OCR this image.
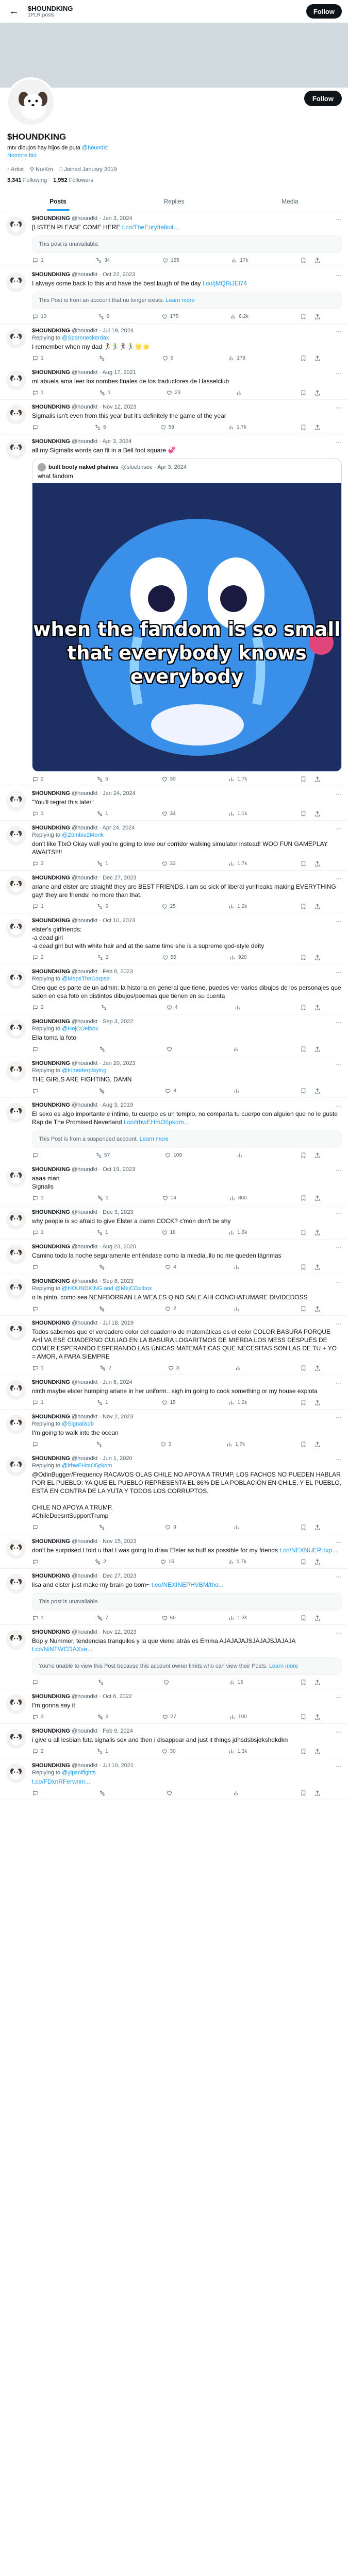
←	$HOUNDKING
1PLR posts	Follow
Follow
$HOUNDKING
mtv dibujos hay hijos de puta @houndkt
Nombre bio
◦ Artist ⚲ Nu/Km □ Joined January 2019
3,341 Following 1,952 Followers
Posts	Replies	Media
···
$HOUNDKING @houndkt · Jan 3, 2024
[LISTEN PLEASE COME HERE t.co/TheEuryttalkul...
This post is unavailable.
1	34	155	17k
···
$HOUNDKING @houndkt · Oct 22, 2023
I always come back to this and have the best laugh of the day t.co/jMQRiJEl74
This Post is from an account that no longer exists. Learn more
10	9	175	6.2k
···
$HOUNDKING @houndkt · Jul 19, 2024
Replying to @Sporoneckerdax
I remember when my dad 🏃‍♀️🏃‍♂️🏃‍♀️🏃‍♂️🌟⭐
1	6	178
···
$HOUNDKING @houndkt · Aug 17, 2021
mi abuela ama leer los nombes finales de los traductores de Hasselclub
1	1	23
···
$HOUNDKING @houndkt · Nov 12, 2023
Sigmalis isn't even from this year but it's definitely the game of the year
6	59	1.7k
···
$HOUNDKING @houndkt · Apr 3, 2024
all my Sigmalis words can fit in a Bell foot square 💞
built booty naked phalnes @sloebhsee · Apr 3, 2024
what fandom
when the fandom is so small that everybody knows everybody
2	5	30	1.7k
···
$HOUNDKING @houndkt · Jan 24, 2024
"You'll regret this later"
1	1	34	1.1k
···
$HOUNDKING @houndkt · Apr 24, 2024
Replying to @Zombie2Monk
don't like TIxO Okay well you're going to love our corridor walking simulator instead! WOO FUN GAMEPLAY AWAITS!!!!
3	1	33	1.7k
···
$HOUNDKING @houndkt · Dec 27, 2023
ariane and elster are straight! they are BEST FRIENDS. i am so sick of liberal yurifreaks making EVERYTHING gay! they are friends! no more than that.
1	6	25	1.2k
···
$HOUNDKING @houndkt · Oct 10, 2023
elster's girlfriends:
-a dead girl
-a dead girl but with white hair and at the same time she is a supreme god-style deity
2	2	50	920
···
$HOUNDKING @houndkt · Feb 8, 2023
Replying to @MepsTheCorpse
Creo que es parte de un admin: la historia en general que tiene, puedes ver varios dibujos de los personajes que salen en esa foto en distintos dibujos/poemas que tienen en su cuenta
2	4
···
$HOUNDKING @houndkt · Sep 3, 2022
Replying to @HejCOelbox
Ella toma la foto
···
$HOUNDKING @houndkt · Jan 20, 2023
Replying to @trimoderplaying
THE GIRLS ARE FIGHTING, DAMN
8
···
$HOUNDKING @houndkt · Aug 3, 2019
El sexo es algo importante e íntimo, tu cuerpo es un templo, no comparta tu cuerpo con alguien que no le guste Rap de The Promised Neverland t.co/lrhwEHmO5pkom...
This Post is from a suspended account. Learn more
57	109
···
$HOUNDKING @houndkt · Oct 19, 2023
aaaa man
Signalis
1	1	14	860
···
$HOUNDKING @houndkt · Dec 3, 2023
why people is so afraid to give Elster a damn COCK? c'mon don't be shy
1	1	18	1.6k
···
$HOUNDKING @houndkt · Aug 23, 2020
Camino todo la noche seguramente entiéndase como la miedia..llo no me queden lágrimas
4
···
$HOUNDKING @houndkt · Sep 8, 2023
Replying to @HOUNDKING and @MejCOelbox
o la pinto, como sea NENFBORRAN LA WEA ES Q NO SALE AHI CONCHATUMARE DIVIDEDOSS
2
···
$HOUNDKING @houndkt · Jul 18, 2019
Todos sabemos que el verdadero color del cuaderno de matemáticas es el color COLOR BASURA PORQUE AHÍ VA ESE CUADERNO CULIAO EN LA BASURA LOGARITMOS DE MIERDA LOS MESS DESPUÉS DE COMER ESPERANDO ESPERANDO LAS ÚNICAS MATEMÁTICAS QUE NECESITAS SON LAS DE TU + YO = AMOR, A PARA SIEMPRE
1	2	3
···
$HOUNDKING @houndkt · Jun 8, 2024
ninth maybe elster humping ariane in her uniform.. sigh im going to cook something or my house explota
1	1	15	1.2k
···
$HOUNDKING @houndkt · Nov 2, 2023
Replying to @Signalisdb
I'm going to walk into the ocean
3	1.7k
···
$HOUNDKING @houndkt · Jun 1, 2020
Replying to @lrhwEHmO5pkom
@OdinBugger/Frequency RACAVOS OLAS CHILE NO APOYA A TRUMP, LOS FACHOS NO PUEDEN HABLAR POR EL PUEBLO. YA QUE EL PUEBLO REPRESENTA EL 86% DE LA POBLACIÓN EN CHILE. Y EL PUEBLO, ESTÁ EN CONTRA DE LA YUTA Y TODOS LOS CORRUPTOS.

CHILE NO APOYA A TRUMP.
#ChileDoesntSupportTrump
9
···
$HOUNDKING @houndkt · Nov 15, 2023
don't be surprised I told u that I was going to draw Elster as buff as possible for my friends t.co/NEXNUEPHxp...
2	16	1.7k
···
$HOUNDKING @houndkt · Dec 27, 2023
lisa and elster just make my brain go bom~ t.co/NEXINEPHVBM/tho...
This post is unavailable.
1	7	60	1.3k
···
$HOUNDKING @houndkt · Nov 12, 2023
Bop y Nummer, tendencias tranquilos y la que viene atrás es Emma AJAJAJAJSJAJAJSJAJAJA t.co/NiNTWCDAXxe...
You're unable to view this Post because this account owner limits who can view their Posts. Learn more
15
···
$HOUNDKING @houndkt · Oct 6, 2022
I'm gonna say it
3	3	27	190
···
$HOUNDKING @houndkt · Feb 9, 2024
i give u all lesbian futa signalis sex and then i disappear and just it things jdhsdsbsjdkshdkdkn
2	1	30	1.3k
···
$HOUNDKING @houndkt · Jul 10, 2021
Replying to @yipsnifights
t.co/FDxnRFerwnm...
